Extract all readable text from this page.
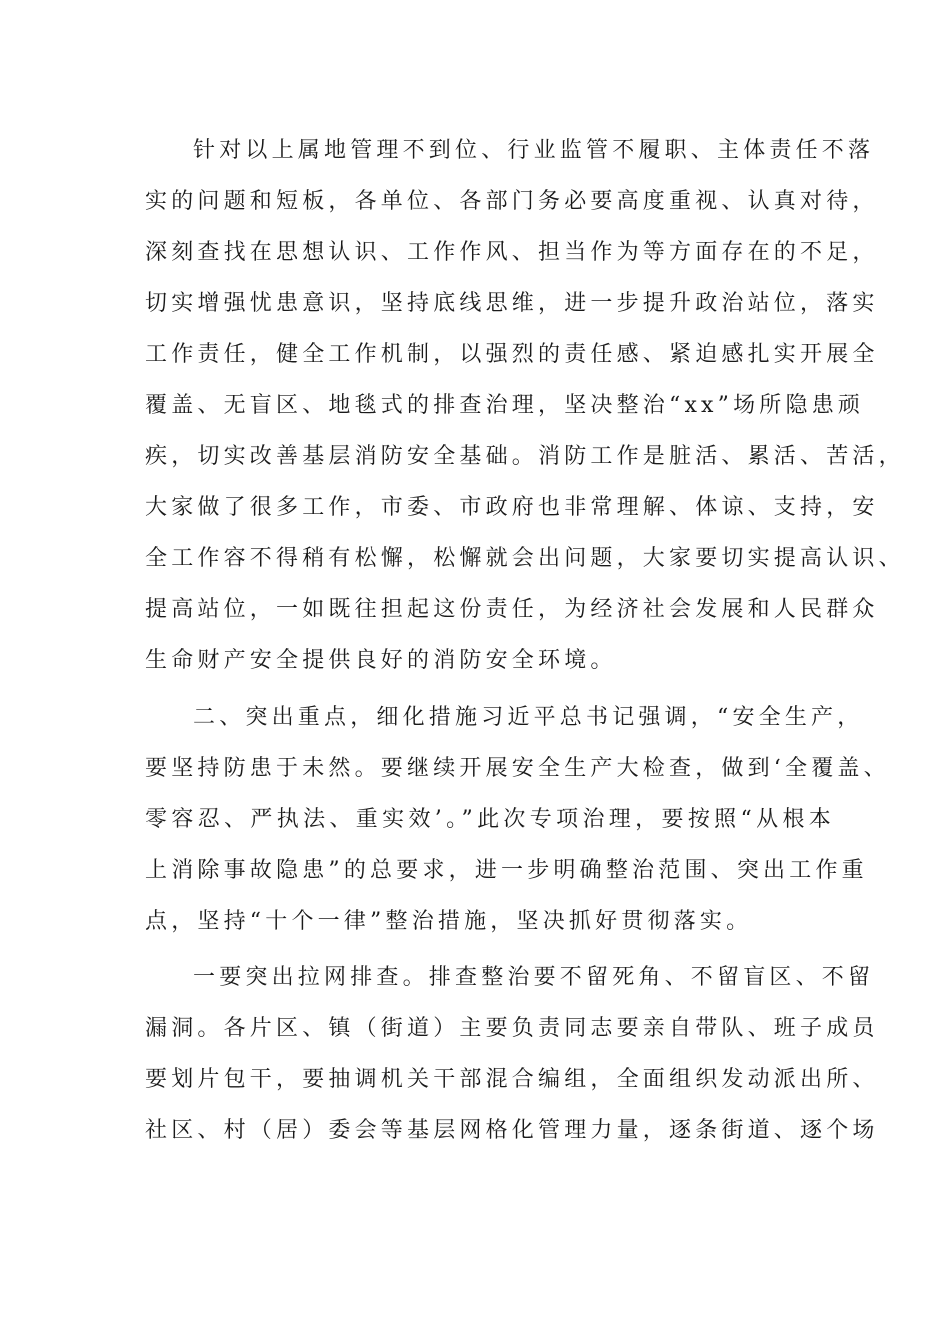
针对以上属地管理不到位、行业监管不履职、主体责任不落
实的问题和短板，各单位、各部门务必要高度重视、认真对待，
深刻查找在思想认识、工作作风、担当作为等方面存在的不足，
切实增强忧患意识，坚持底线思维，进一步提升政治站位，落实
工作责任，健全工作机制，以强烈的责任感、紧迫感扎实开展全
覆盖、无盲区、地毯式的排查治理，坚决整治“xx”场所隐患顽
疾，切实改善基层消防安全基础。消防工作是脏活、累活、苦活，
大家做了很多工作，市委、市政府也非常理解、体谅、支持，安
全工作容不得稍有松懈，松懈就会出问题，大家要切实提高认识、
提高站位，一如既往担起这份责任，为经济社会发展和人民群众
生命财产安全提供良好的消防安全环境。
二、突出重点，细化措施习近平总书记强调，“安全生产，
要坚持防患于未然。要继续开展安全生产大检查，做到‘全覆盖、
零容忍、严执法、重实效’。”此次专项治理，要按照“从根本
上消除事故隐患”的总要求，进一步明确整治范围、突出工作重
点，坚持“十个一律”整治措施，坚决抓好贯彻落实。
一要突出拉网排查。排查整治要不留死角、不留盲区、不留
漏洞。各片区、镇（街道）主要负责同志要亲自带队、班子成员
要划片包干，要抽调机关干部混合编组，全面组织发动派出所、
社区、村（居）委会等基层网格化管理力量，逐条街道、逐个场
